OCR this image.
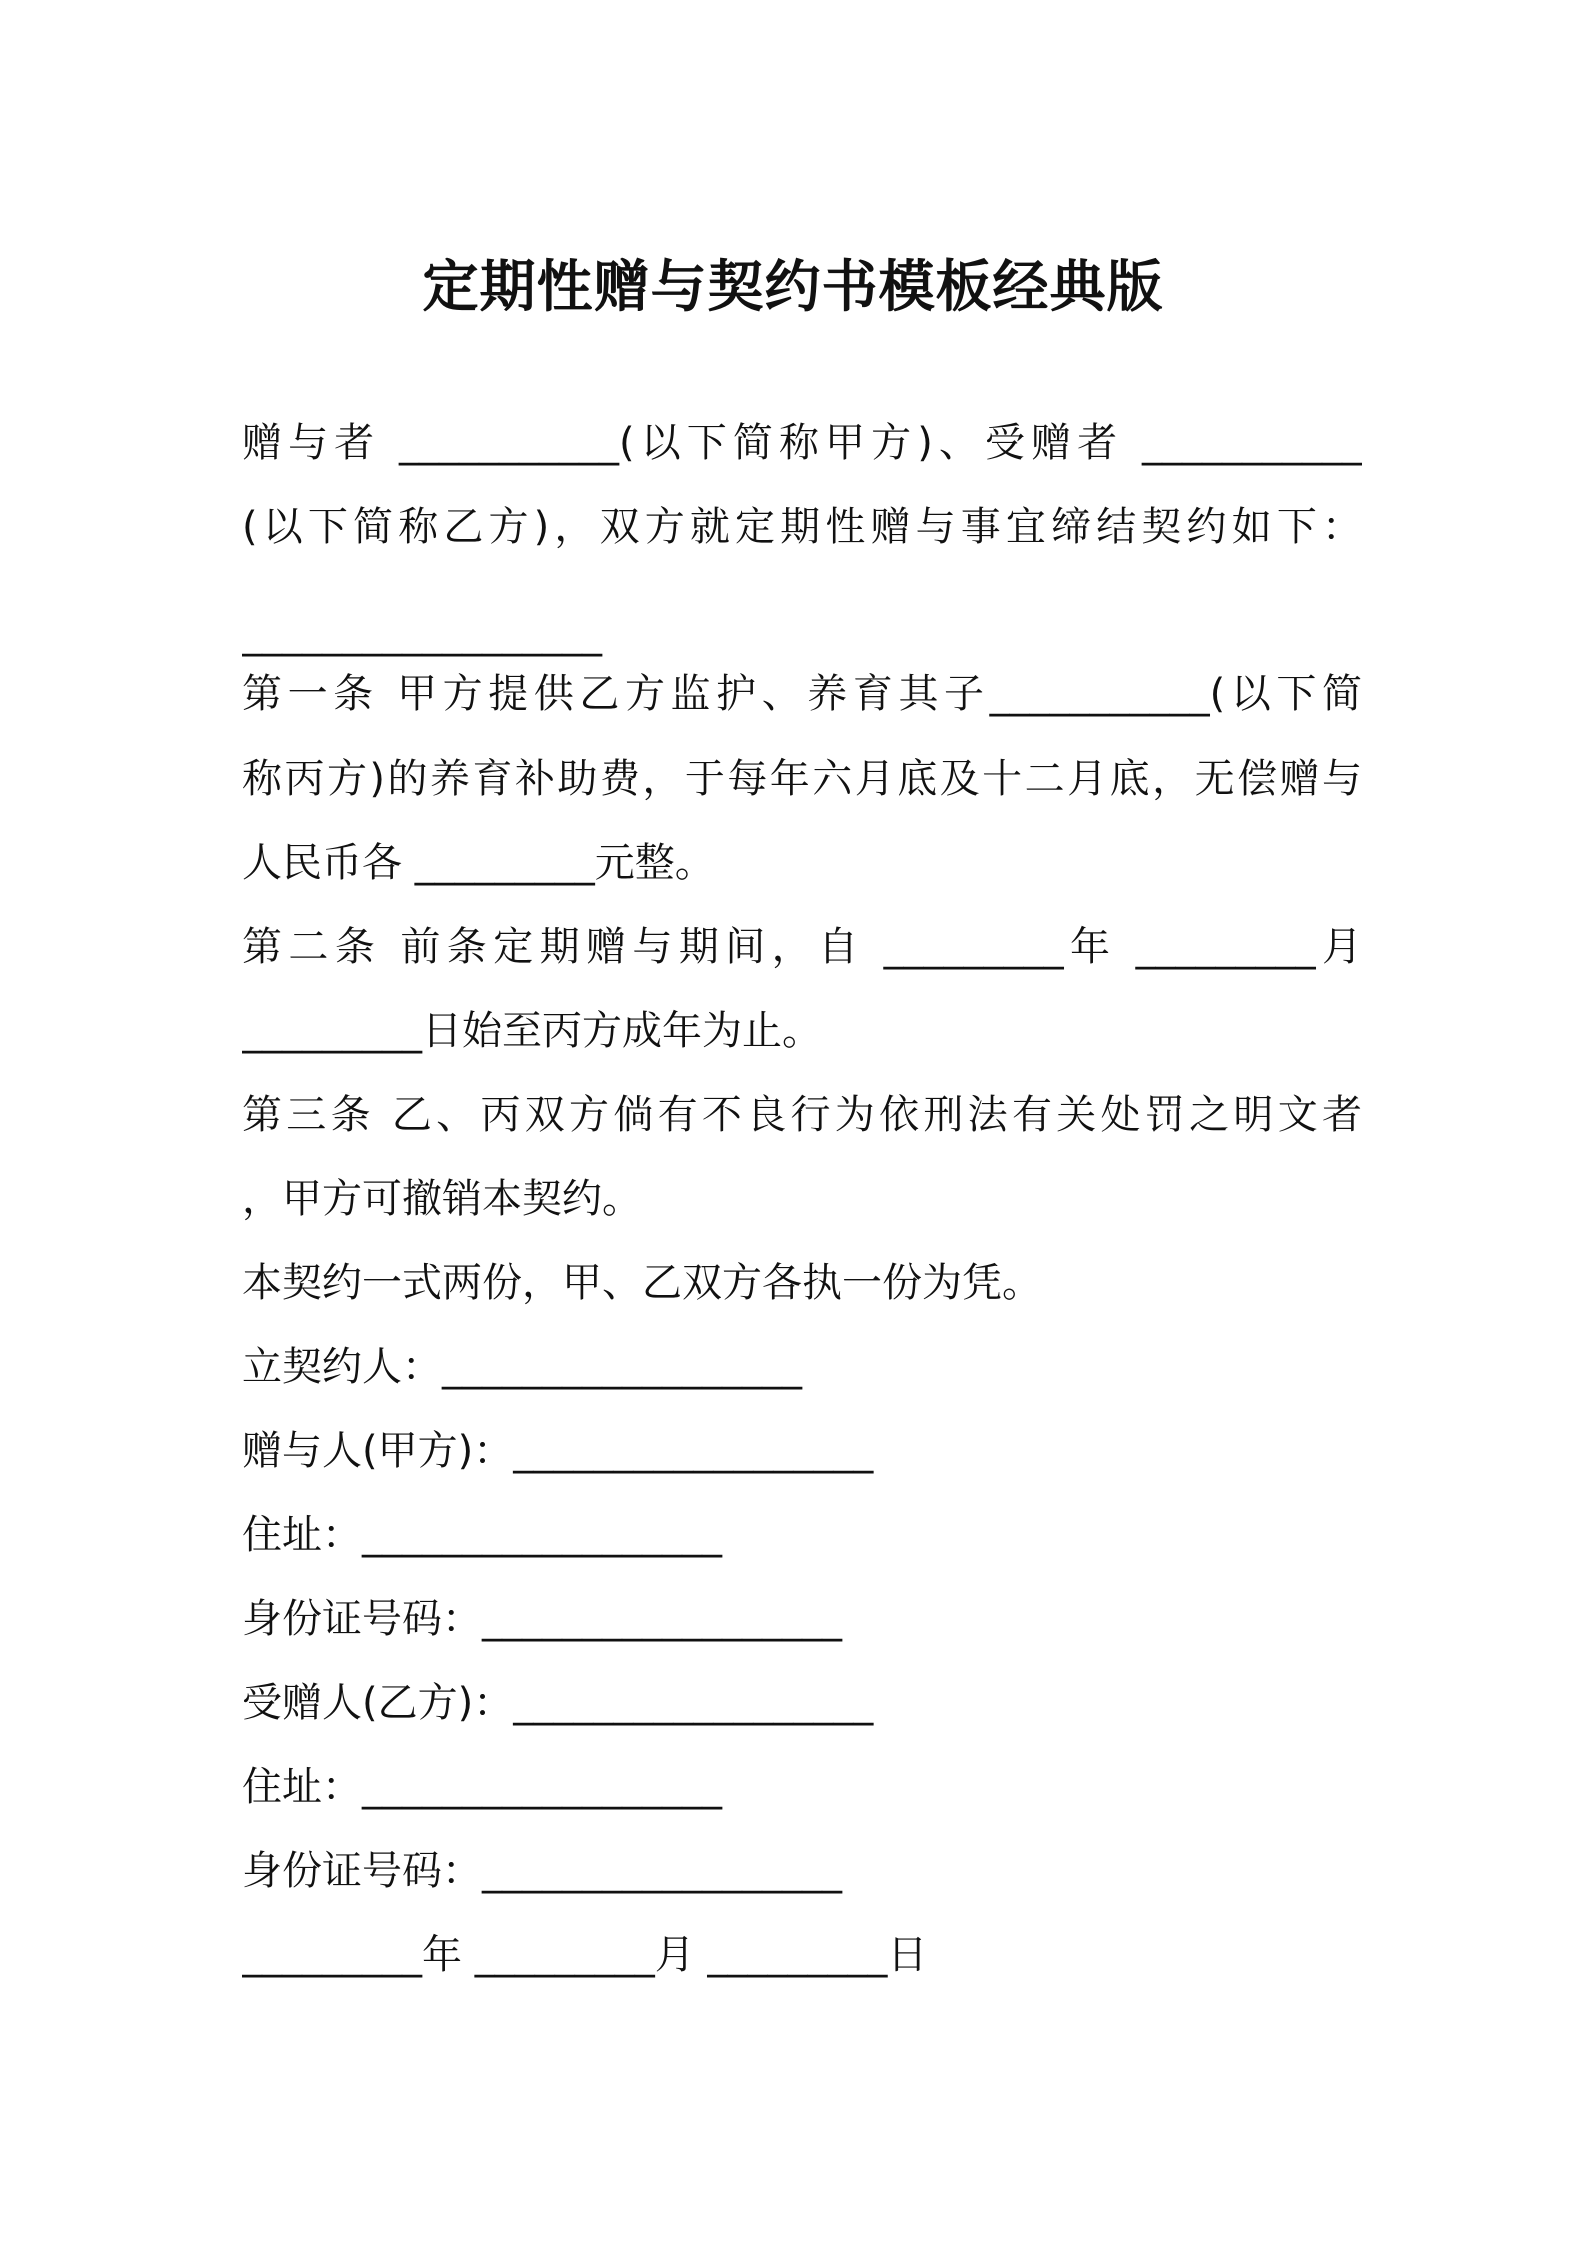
定期性赠与契约书模板经典版
赠与者 ___________(以下简称甲方)、受赠者 ___________
(以下简称乙方)，双方就定期性赠与事宜缔结契约如下：
__________________
第一条 甲方提供乙方监护、养育其子___________(以下简
称丙方)的养育补助费，于每年六月底及十二月底，无偿赠与
人民币各 _________元整。
第二条 前条定期赠与期间，自 _________年 _________月
_________日始至丙方成年为止。
第三条 乙、丙双方倘有不良行为依刑法有关处罚之明文者
，甲方可撤销本契约。
本契约一式两份，甲、乙双方各执一份为凭。
立契约人：__________________
赠与人(甲方)：__________________
住址：__________________
身份证号码：__________________
受赠人(乙方)：__________________
住址：__________________
身份证号码：__________________
_________年 _________月 _________日
